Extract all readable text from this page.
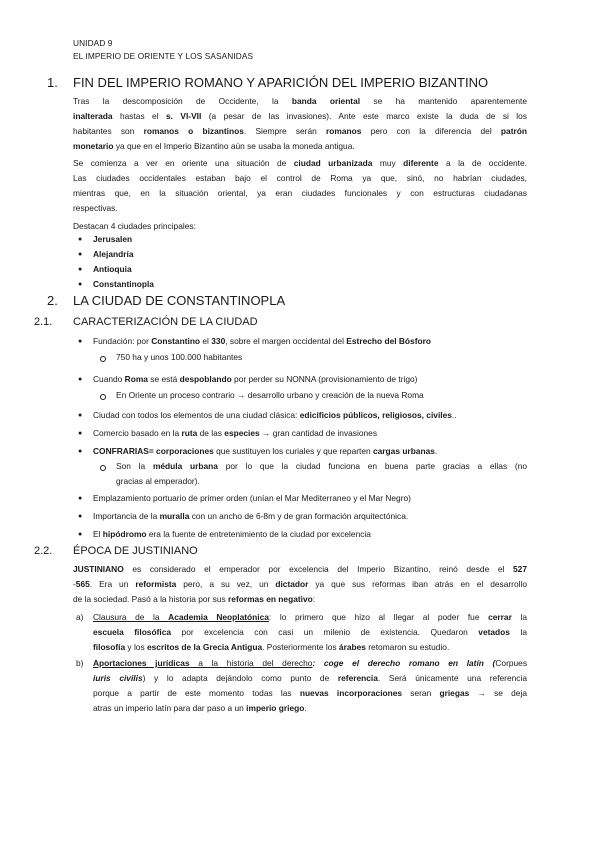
UNIDAD 9
EL IMPERIO DE ORIENTE Y LOS SASANIDAS
1. FIN DEL IMPERIO ROMANO Y APARICIÓN DEL IMPERIO BIZANTINO
Tras la descomposición de Occidente, la banda oriental se ha mantenido aparentemente
inalterada hastas el s. VI-VII (a pesar de las invasiones). Ante este marco existe la duda de si los
habitantes son romanos o bizantinos. Siempre serán romanos pero con la diferencia del patrón
monetario ya que en el Imperio Bizantino aún se usaba la moneda antigua.
Se comienza a ver en oriente una situación de ciudad urbanizada muy diferente a la de occidente.
Las ciudades occidentales estaban bajo el control de Roma ya que, sinó, no habrían ciudades,
mientras que, en la situación oriental, ya eran ciudades funcionales y con estructuras ciudadanas
respectivas.
Destacan 4 ciudades principales:
● Jerusalen
● Alejandría
● Antioquia
● Constantinopla
2. LA CIUDAD DE CONSTANTINOPLA
2.1. CARACTERIZACIÓN DE LA CIUDAD
● Fundación: por Constantino el 330, sobre el margen occidental del Estrecho del Bósforo
750 ha y unos 100.000 habitantes
● Cuando Roma se está despoblando por perder su NONNA (provisionamiento de trigo)
En Oriente un proceso contrario → desarrollo urbano y creación de la nueva Roma
● Ciudad con todos los elementos de una ciudad clásica: edicificios públicos, religiosos, civiles..
● Comercio basado en la ruta de las especies → gran cantidad de invasiones
● CONFRARIAS= corporaciones que sustituyen los curiales y que reparten cargas urbanas.
Son la médula urbana por lo que la ciudad funciona en buena parte gracias a ellas (no
gracias al emperador).
● Emplazamiento portuario de primer orden (unían el Mar Mediterraneo y el Mar Negro)
● Importancia de la muralla con un ancho de 6-8m y de gran formación arquitectónica.
● El hipódromo era la fuente de entretenimiento de la ciudad por excelencia
2.2. ÉPOCA DE JUSTINIANO
JUSTINIANO es considerado el emperador por excelencia del Imperio Bizantino, reinó desde el 527
-565. Era un reformista pero, a su vez, un dictador ya que sus reformas iban atrás en el desarrollo
de la sociedad. Pasó a la historia por sus reformas en negativo:
a) Clausura de la Academia Neoplatónica: lo primero que hizo al llegar al poder fue cerrar la
escuela filosófica por excelencia con casi un milenio de existencia. Quedaron vetados la
filosofía y los escritos de la Grecia Antigua. Posteriormente los árabes retomaron su estudio.
b) Aportaciones jurídicas a la historia del derecho: coge el derecho romano en latín (Corpues
iuris civilis) y lo adapta dejándolo como punto de referencia. Será únicamente una referencia
porque a partir de este momento todas las nuevas incorporaciones seran griegas → se deja
atras un imperio latín para dar paso a un imperio griego.
